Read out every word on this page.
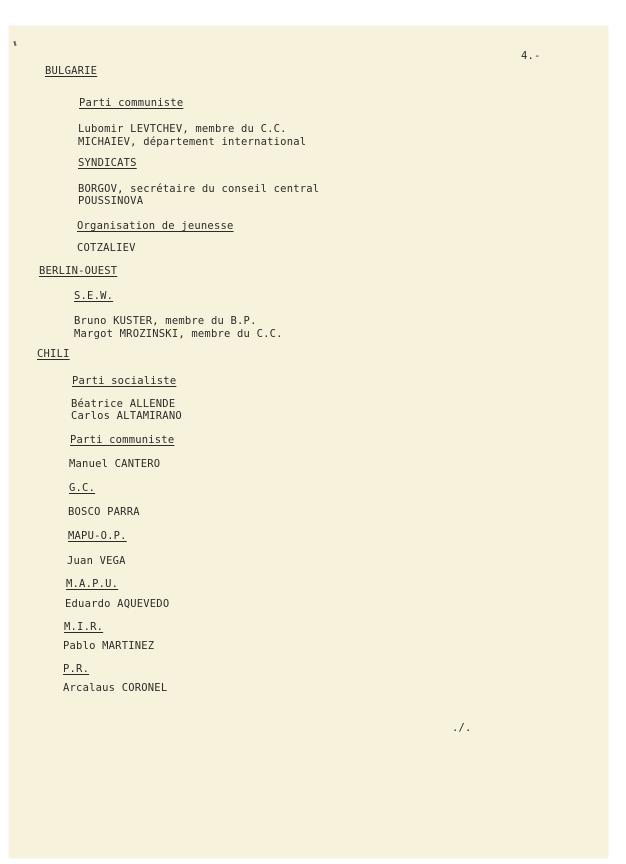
4.-
BULGARIE
Parti communiste
Lubomir LEVTCHEV, membre du C.C.
MICHAIEV, département international
SYNDICATS
BORGOV, secrétaire du conseil central
POUSSINOVA
Organisation de jeunesse
COTZALIEV
BERLIN-OUEST
S.E.W.
Bruno KUSTER, membre du B.P.
Margot MROZINSKI, membre du C.C.
CHILI
Parti socialiste
Béatrice ALLENDE
Carlos ALTAMIRANO
Parti communiste
Manuel CANTERO
G.C.
BOSCO PARRA
MAPU-O.P.
Juan VEGA
M.A.P.U.
Eduardo AQUEVEDO
M.I.R.
Pablo MARTINEZ
P.R.
Arcalaus CORONEL
./.
